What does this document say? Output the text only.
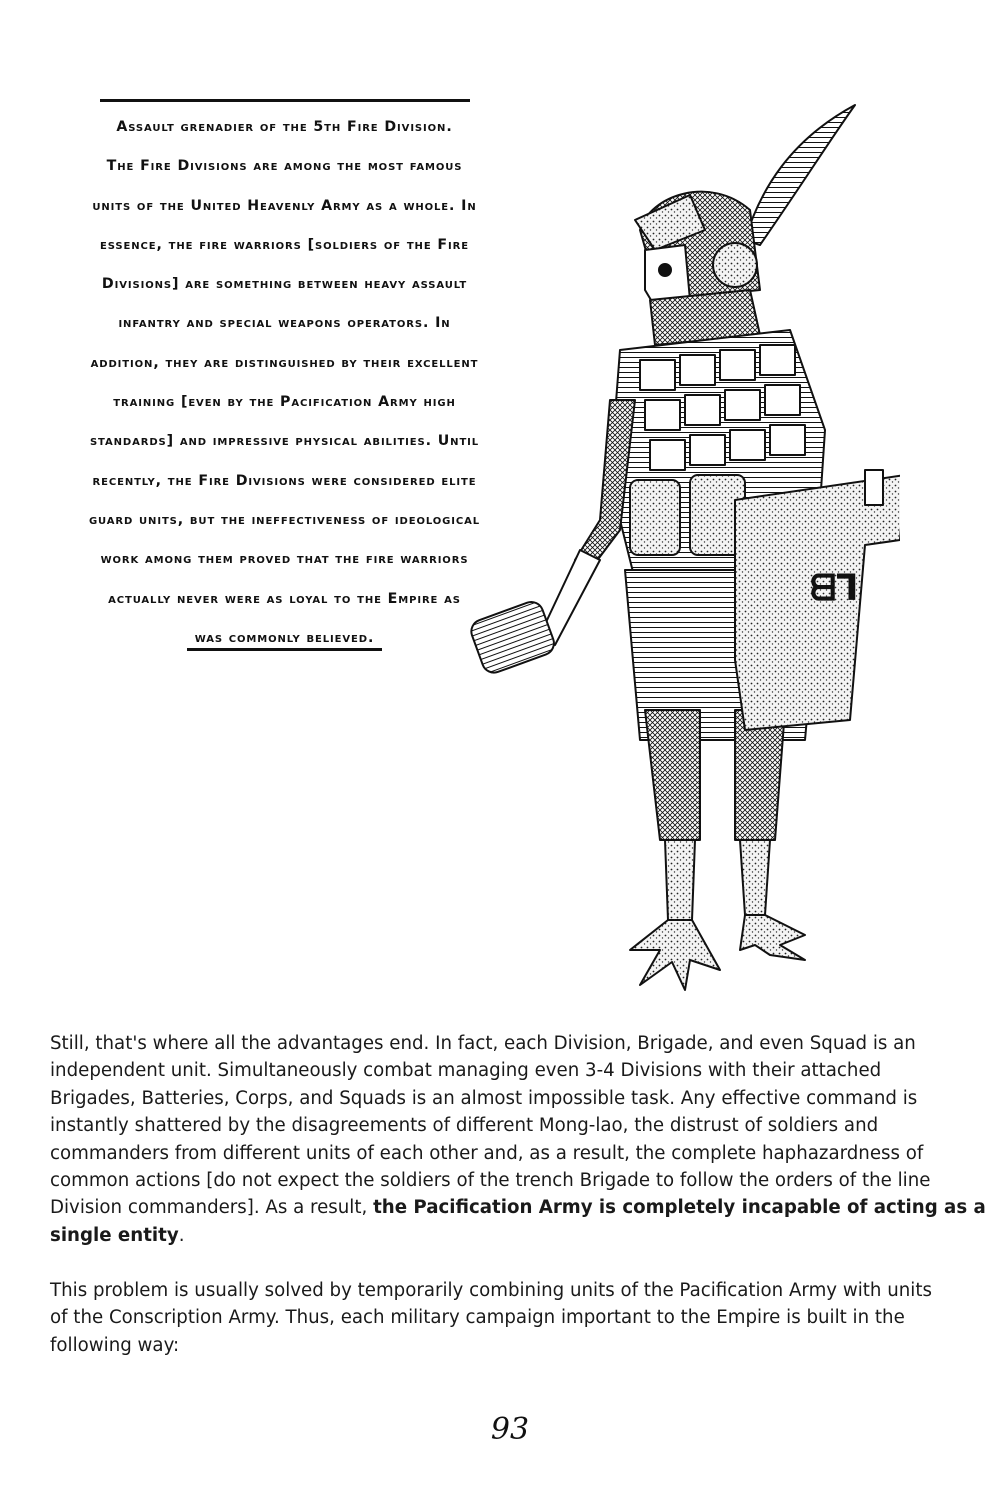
Assault grenadier of the 5th Fire Division.
The Fire Divisions are among the most famous
units of the United Heavenly Army as a whole. In
essence, the fire warriors [soldiers of the Fire
Divisions] are something between heavy assault
infantry and special weapons operators. In
addition, they are distinguished by their excellent
training [even by the Pacification Army high
standards] and impressive physical abilities. Until
recently, the Fire Divisions were considered elite
guard units, but the ineffectiveness of ideological
work among them proved that the fire warriors
actually never were as loyal to the Empire as
was commonly believed.
ᗺᒣ
Still, that's where all the advantages end. In fact, each Division, Brigade, and even Squad is an
independent unit. Simultaneously combat managing even 3-4 Divisions with their attached
Brigades, Batteries, Corps, and Squads is an almost impossible task. Any effective command is
instantly shattered by the disagreements of different Mong-lao, the distrust of soldiers and
commanders from different units of each other and, as a result, the complete haphazardness of
common actions [do not expect the soldiers of the trench Brigade to follow the orders of the line
Division commanders]. As a result, the Pacification Army is completely incapable of acting as a
single entity.
This problem is usually solved by temporarily combining units of the Pacification Army with units
of the Conscription Army. Thus, each military campaign important to the Empire is built in the
following way:
93
